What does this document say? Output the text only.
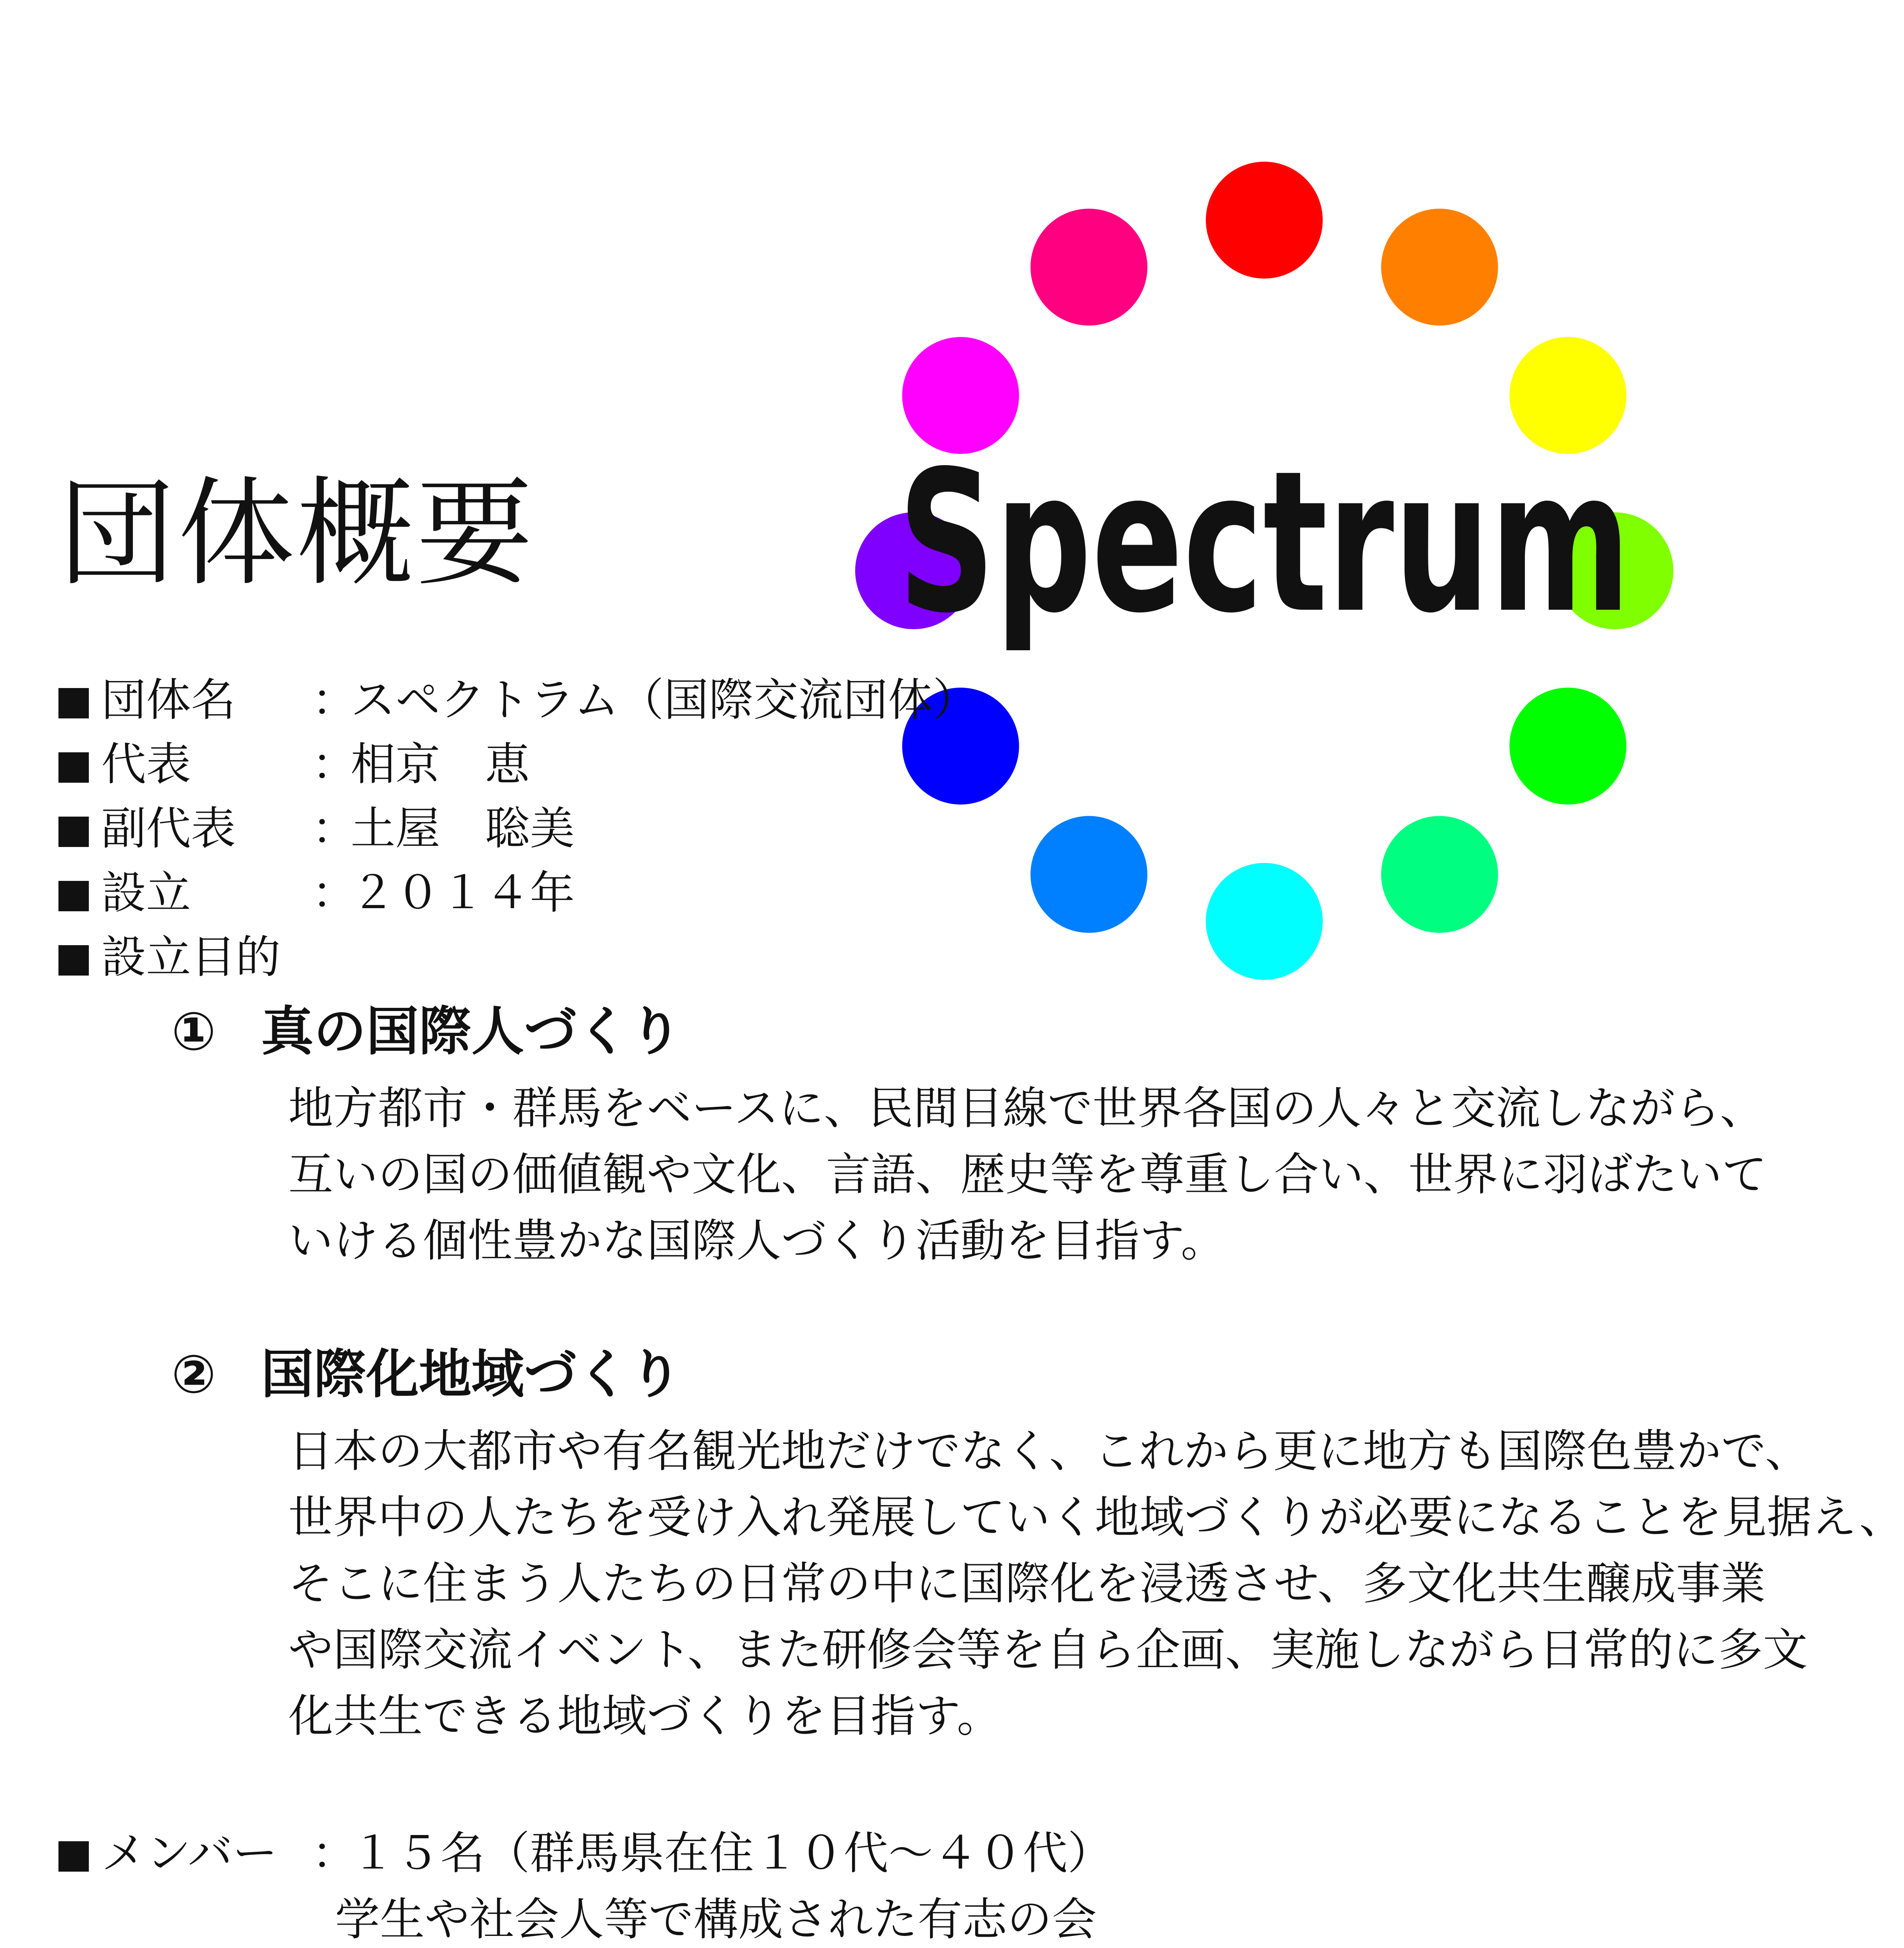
Spectrum
団体概要
団体名 ：スペクトラム（国際交流団体）
代表	：相京　恵
副代表 ：土屋　聡美
設立	：２０１４年
設立目的
① 真の国際人づくり
地方都市・群馬をベースに、民間目線で世界各国の人々と交流しながら、
互いの国の価値観や文化、言語、歴史等を尊重し合い、世界に羽ばたいて
いける個性豊かな国際人づくり活動を目指す。
② 国際化地域づくり
日本の大都市や有名観光地だけでなく、これから更に地方も国際色豊かで、
世界中の人たちを受け入れ発展していく地域づくりが必要になることを見据え、
そこに住まう人たちの日常の中に国際化を浸透させ、多文化共生醸成事業
や国際交流イベント、また研修会等を自ら企画、実施しながら日常的に多文
化共生できる地域づくりを目指す。
メンバー ：１５名（群馬県在住１０代～４０代）
学生や社会人等で構成された有志の会
